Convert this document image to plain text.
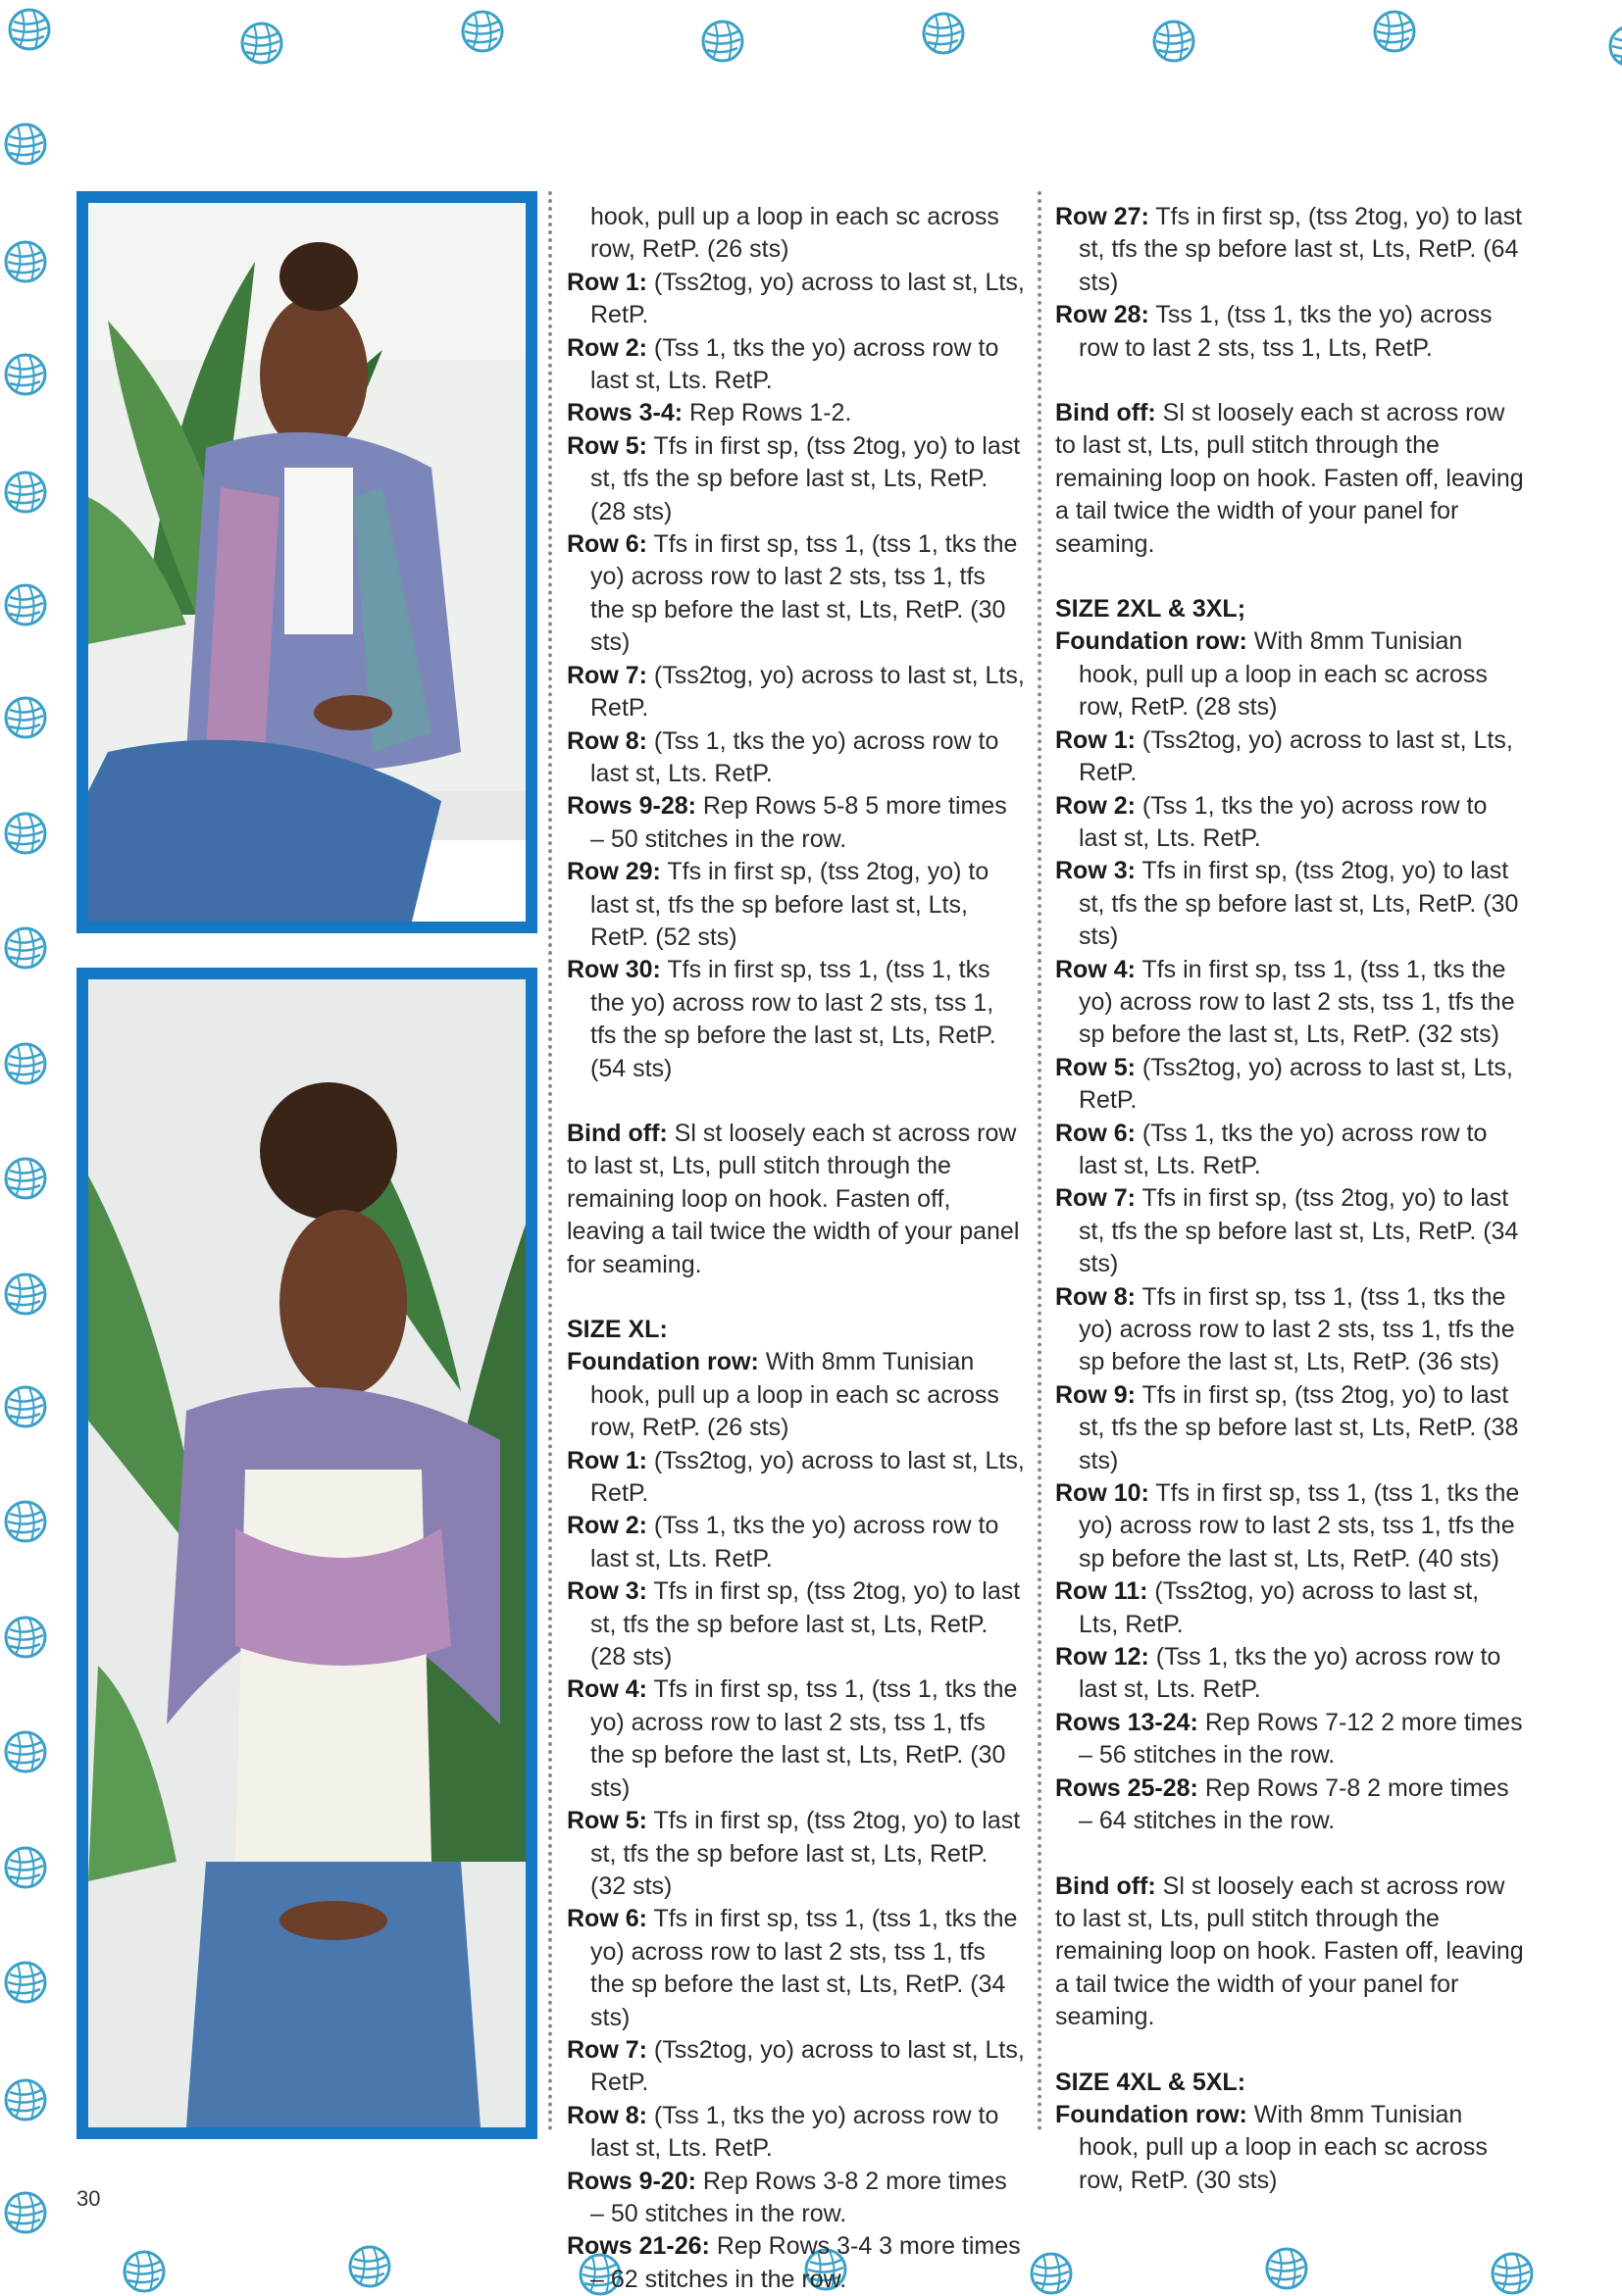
hook, pull up a loop in each sc across row, RetP. (26 sts)

Row 1: (Tss2tog, yo) across to last st, Lts, RetP.

Row 2: (Tss 1, tks the yo) across row to last st, Lts. RetP.

Rows 3-4: Rep Rows 1-2.

Row 5: Tfs in first sp, (tss 2tog, yo) to last st, tfs the sp before last st, Lts, RetP. (28 sts)

Row 6: Tfs in first sp, tss 1, (tss 1, tks the yo) across row to last 2 sts, tss 1, tfs the sp before the last st, Lts, RetP. (30 sts)

Row 7: (Tss2tog, yo) across to last st, Lts, RetP.

Row 8: (Tss 1, tks the yo) across row to last st, Lts. RetP.

Rows 9-28: Rep Rows 5-8 5 more times – 50 stitches in the row.

Row 29: Tfs in first sp, (tss 2tog, yo) to last st, tfs the sp before last st, Lts, RetP. (52 sts)

Row 30: Tfs in first sp, tss 1, (tss 1, tks the yo) across row to last 2 sts, tss 1, tfs the sp before the last st, Lts, RetP. (54 sts)

Bind off: Sl st loosely each st across row to last st, Lts, pull stitch through the remaining loop on hook. Fasten off, leaving a tail twice the width of your panel for seaming.

SIZE XL:

Foundation row: With 8mm Tunisian hook, pull up a loop in each sc across row, RetP. (26 sts)

Row 1: (Tss2tog, yo) across to last st, Lts, RetP.

Row 2: (Tss 1, tks the yo) across row to last st, Lts. RetP.

Row 3: Tfs in first sp, (tss 2tog, yo) to last st, tfs the sp before last st, Lts, RetP. (28 sts)

Row 4: Tfs in first sp, tss 1, (tss 1, tks the yo) across row to last 2 sts, tss 1, tfs the sp before the last st, Lts, RetP. (30 sts)

Row 5: Tfs in first sp, (tss 2tog, yo) to last st, tfs the sp before last st, Lts, RetP. (32 sts)

Row 6: Tfs in first sp, tss 1, (tss 1, tks the yo) across row to last 2 sts, tss 1, tfs the sp before the last st, Lts, RetP. (34 sts)

Row 7: (Tss2tog, yo) across to last st, Lts, RetP.

Row 8: (Tss 1, tks the yo) across row to last st, Lts. RetP.

Rows 9-20: Rep Rows 3-8 2 more times – 50 stitches in the row.

Rows 21-26: Rep Rows 3-4 3 more times – 62 stitches in the row.

Row 27: Tfs in first sp, (tss 2tog, yo) to last st, tfs the sp before last st, Lts, RetP. (64 sts)

Row 28: Tss 1, (tss 1, tks the yo) across row to last 2 sts, tss 1, Lts, RetP.

Bind off: Sl st loosely each st across row to last st, Lts, pull stitch through the remaining loop on hook. Fasten off, leaving a tail twice the width of your panel for seaming.

SIZE 2XL & 3XL;

Foundation row: With 8mm Tunisian hook, pull up a loop in each sc across row, RetP. (28 sts)

Row 1: (Tss2tog, yo) across to last st, Lts, RetP.

Row 2: (Tss 1, tks the yo) across row to last st, Lts. RetP.

Row 3: Tfs in first sp, (tss 2tog, yo) to last st, tfs the sp before last st, Lts, RetP. (30 sts)

Row 4: Tfs in first sp, tss 1, (tss 1, tks the yo) across row to last 2 sts, tss 1, tfs the sp before the last st, Lts, RetP. (32 sts)

Row 5: (Tss2tog, yo) across to last st, Lts, RetP.

Row 6: (Tss 1, tks the yo) across row to last st, Lts. RetP.

Row 7: Tfs in first sp, (tss 2tog, yo) to last st, tfs the sp before last st, Lts, RetP. (34 sts)

Row 8: Tfs in first sp, tss 1, (tss 1, tks the yo) across row to last 2 sts, tss 1, tfs the sp before the last st, Lts, RetP. (36 sts)

Row 9: Tfs in first sp, (tss 2tog, yo) to last st, tfs the sp before last st, Lts, RetP. (38 sts)

Row 10: Tfs in first sp, tss 1, (tss 1, tks the yo) across row to last 2 sts, tss 1, tfs the sp before the last st, Lts, RetP. (40 sts)

Row 11: (Tss2tog, yo) across to last st, Lts, RetP.

Row 12: (Tss 1, tks the yo) across row to last st, Lts. RetP.

Rows 13-24: Rep Rows 7-12 2 more times – 56 stitches in the row.

Rows 25-28: Rep Rows 7-8 2 more times – 64 stitches in the row.

Bind off: Sl st loosely each st across row to last st, Lts, pull stitch through the remaining loop on hook. Fasten off, leaving a tail twice the width of your panel for seaming.

SIZE 4XL & 5XL:

Foundation row: With 8mm Tunisian hook, pull up a loop in each sc across row, RetP. (30 sts)

30
